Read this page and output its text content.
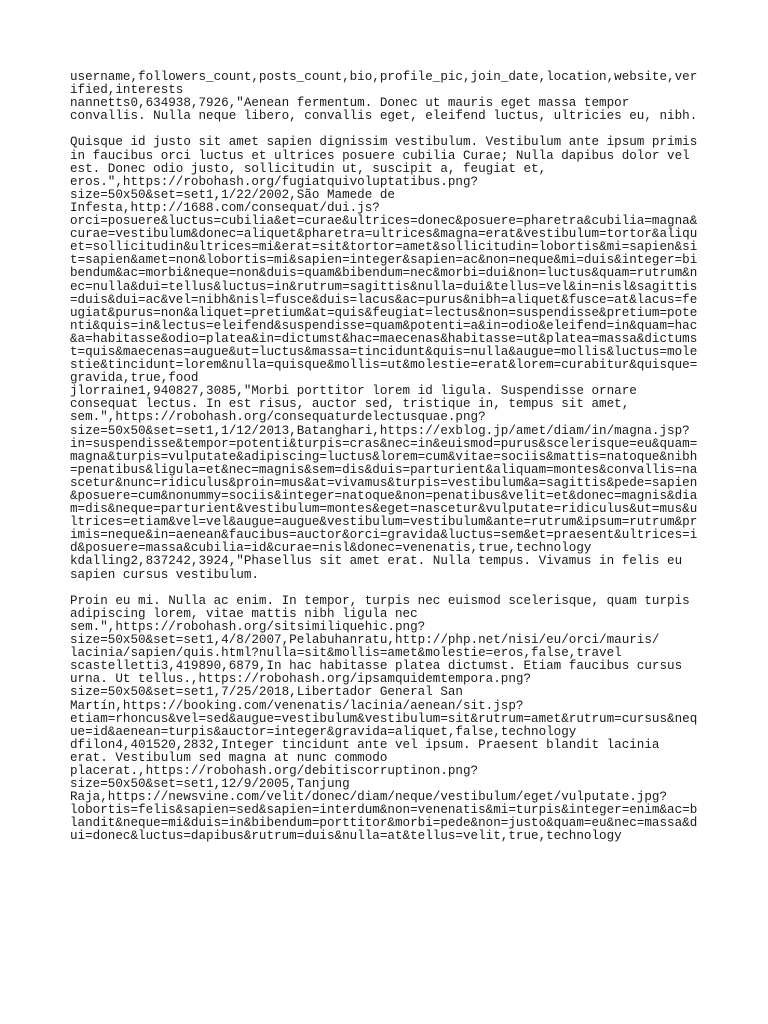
username,followers_count,posts_count,bio,profile_pic,join_date,location,website,ver
ified,interests
nannetts0,634938,7926,"Aenean fermentum. Donec ut mauris eget massa tempor
convallis. Nulla neque libero, convallis eget, eleifend luctus, ultricies eu, nibh.
Quisque id justo sit amet sapien dignissim vestibulum. Vestibulum ante ipsum primis
in faucibus orci luctus et ultrices posuere cubilia Curae; Nulla dapibus dolor vel
est. Donec odio justo, sollicitudin ut, suscipit a, feugiat et,
eros.",https://robohash.org/fugiatquivoluptatibus.png?
size=50x50&set=set1,1/22/2002,São Mamede de
Infesta,http://1688.com/consequat/dui.js?
orci=posuere&luctus=cubilia&et=curae&ultrices=donec&posuere=pharetra&cubilia=magna&
curae=vestibulum&donec=aliquet&pharetra=ultrices&magna=erat&vestibulum=tortor&aliqu
et=sollicitudin&ultrices=mi&erat=sit&tortor=amet&sollicitudin=lobortis&mi=sapien&si
t=sapien&amet=non&lobortis=mi&sapien=integer&sapien=ac&non=neque&mi=duis&integer=bi
bendum&ac=morbi&neque=non&duis=quam&bibendum=nec&morbi=dui&non=luctus&quam=rutrum&n
ec=nulla&dui=tellus&luctus=in&rutrum=sagittis&nulla=dui&tellus=vel&in=nisl&sagittis
=duis&dui=ac&vel=nibh&nisl=fusce&duis=lacus&ac=purus&nibh=aliquet&fusce=at&lacus=fe
ugiat&purus=non&aliquet=pretium&at=quis&feugiat=lectus&non=suspendisse&pretium=pote
nti&quis=in&lectus=eleifend&suspendisse=quam&potenti=a&in=odio&eleifend=in&quam=hac
&a=habitasse&odio=platea&in=dictumst&hac=maecenas&habitasse=ut&platea=massa&dictums
t=quis&maecenas=augue&ut=luctus&massa=tincidunt&quis=nulla&augue=mollis&luctus=mole
stie&tincidunt=lorem&nulla=quisque&mollis=ut&molestie=erat&lorem=curabitur&quisque=
gravida,true,food
jlorraine1,940827,3085,"Morbi porttitor lorem id ligula. Suspendisse ornare
consequat lectus. In est risus, auctor sed, tristique in, tempus sit amet,
sem.",https://robohash.org/consequaturdelectusquae.png?
size=50x50&set=set1,1/12/2013,Batanghari,https://exblog.jp/amet/diam/in/magna.jsp?
in=suspendisse&tempor=potenti&turpis=cras&nec=in&euismod=purus&scelerisque=eu&quam=
magna&turpis=vulputate&adipiscing=luctus&lorem=cum&vitae=sociis&mattis=natoque&nibh
=penatibus&ligula=et&nec=magnis&sem=dis&duis=parturient&aliquam=montes&convallis=na
scetur&nunc=ridiculus&proin=mus&at=vivamus&turpis=vestibulum&a=sagittis&pede=sapien
&posuere=cum&nonummy=sociis&integer=natoque&non=penatibus&velit=et&donec=magnis&dia
m=dis&neque=parturient&vestibulum=montes&eget=nascetur&vulputate=ridiculus&ut=mus&u
ltrices=etiam&vel=vel&augue=augue&vestibulum=vestibulum&ante=rutrum&ipsum=rutrum&pr
imis=neque&in=aenean&faucibus=auctor&orci=gravida&luctus=sem&et=praesent&ultrices=i
d&posuere=massa&cubilia=id&curae=nisl&donec=venenatis,true,technology
kdalling2,837242,3924,"Phasellus sit amet erat. Nulla tempus. Vivamus in felis eu
sapien cursus vestibulum.
Proin eu mi. Nulla ac enim. In tempor, turpis nec euismod scelerisque, quam turpis
adipiscing lorem, vitae mattis nibh ligula nec
sem.",https://robohash.org/sitsimiliquehic.png?
size=50x50&set=set1,4/8/2007,Pelabuhanratu,http://php.net/nisi/eu/orci/mauris/
lacinia/sapien/quis.html?nulla=sit&mollis=amet&molestie=eros,false,travel
scastelletti3,419890,6879,In hac habitasse platea dictumst. Etiam faucibus cursus
urna. Ut tellus.,https://robohash.org/ipsamquidemtempora.png?
size=50x50&set=set1,7/25/2018,Libertador General San
Martín,https://booking.com/venenatis/lacinia/aenean/sit.jsp?
etiam=rhoncus&vel=sed&augue=vestibulum&vestibulum=sit&rutrum=amet&rutrum=cursus&neq
ue=id&aenean=turpis&auctor=integer&gravida=aliquet,false,technology
dfilon4,401520,2832,Integer tincidunt ante vel ipsum. Praesent blandit lacinia
erat. Vestibulum sed magna at nunc commodo
placerat.,https://robohash.org/debitiscorruptinon.png?
size=50x50&set=set1,12/9/2005,Tanjung
Raja,https://newsvine.com/velit/donec/diam/neque/vestibulum/eget/vulputate.jpg?
lobortis=felis&sapien=sed&sapien=interdum&non=venenatis&mi=turpis&integer=enim&ac=b
landit&neque=mi&duis=in&bibendum=porttitor&morbi=pede&non=justo&quam=eu&nec=massa&d
ui=donec&luctus=dapibus&rutrum=duis&nulla=at&tellus=velit,true,technology
